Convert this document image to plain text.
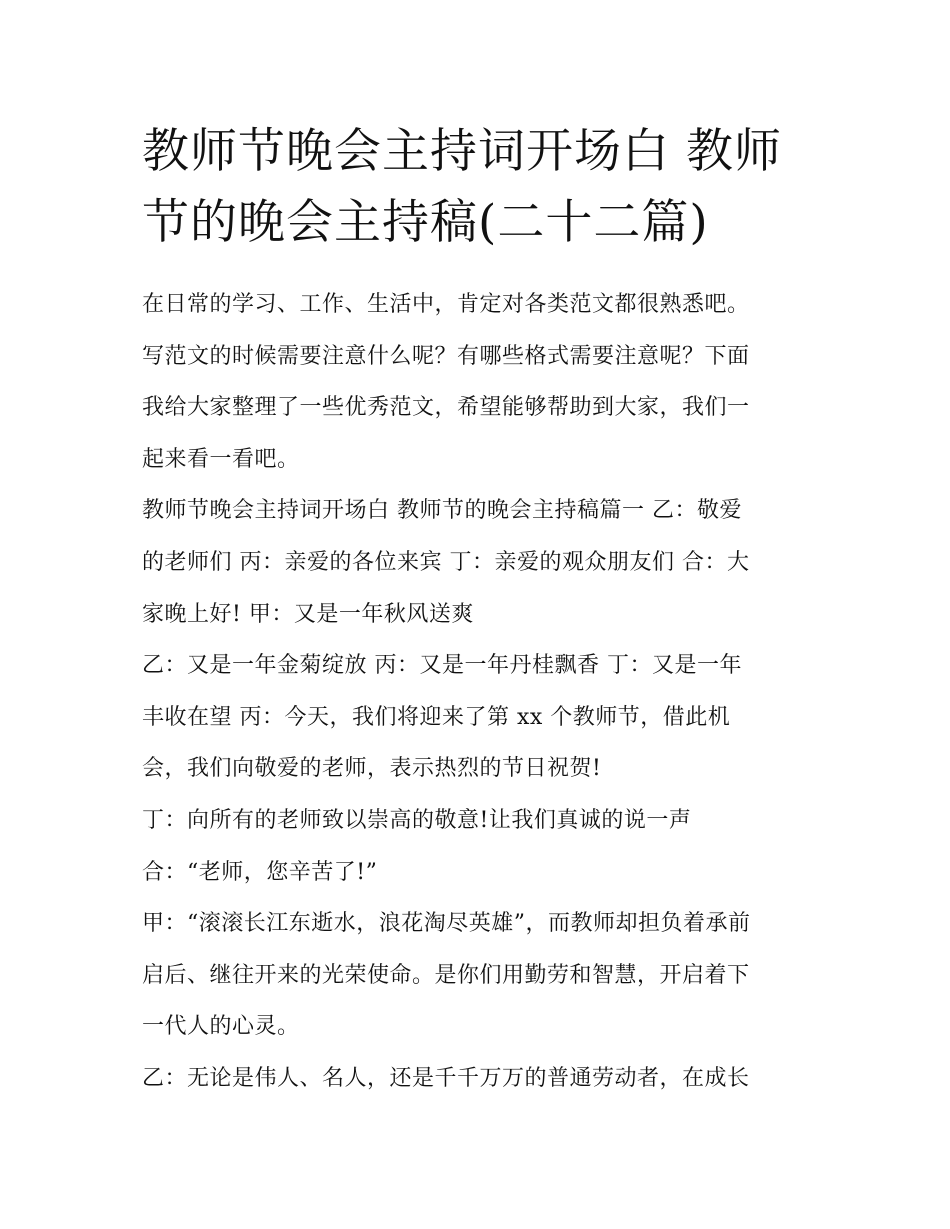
教师节晚会主持词开场白 教师
节的晚会主持稿(二十二篇)
在日常的学习、工作、生活中，肯定对各类范文都很熟悉吧。
写范文的时候需要注意什么呢？有哪些格式需要注意呢？下面
我给大家整理了一些优秀范文，希望能够帮助到大家，我们一
起来看一看吧。
教师节晚会主持词开场白 教师节的晚会主持稿篇一 乙：敬爱
的老师们 丙：亲爱的各位来宾 丁：亲爱的观众朋友们 合：大
家晚上好! 甲：又是一年秋风送爽
乙：又是一年金菊绽放 丙：又是一年丹桂飘香 丁：又是一年
丰收在望 丙：今天，我们将迎来了第 xx 个教师节，借此机
会，我们向敬爱的老师，表示热烈的节日祝贺!
丁：向所有的老师致以崇高的敬意!让我们真诚的说一声
合：“老师，您辛苦了!”
甲：“滚滚长江东逝水，浪花淘尽英雄”，而教师却担负着承前
启后、继往开来的光荣使命。是你们用勤劳和智慧，开启着下
一代人的心灵。
乙：无论是伟人、名人，还是千千万万的普通劳动者，在成长
